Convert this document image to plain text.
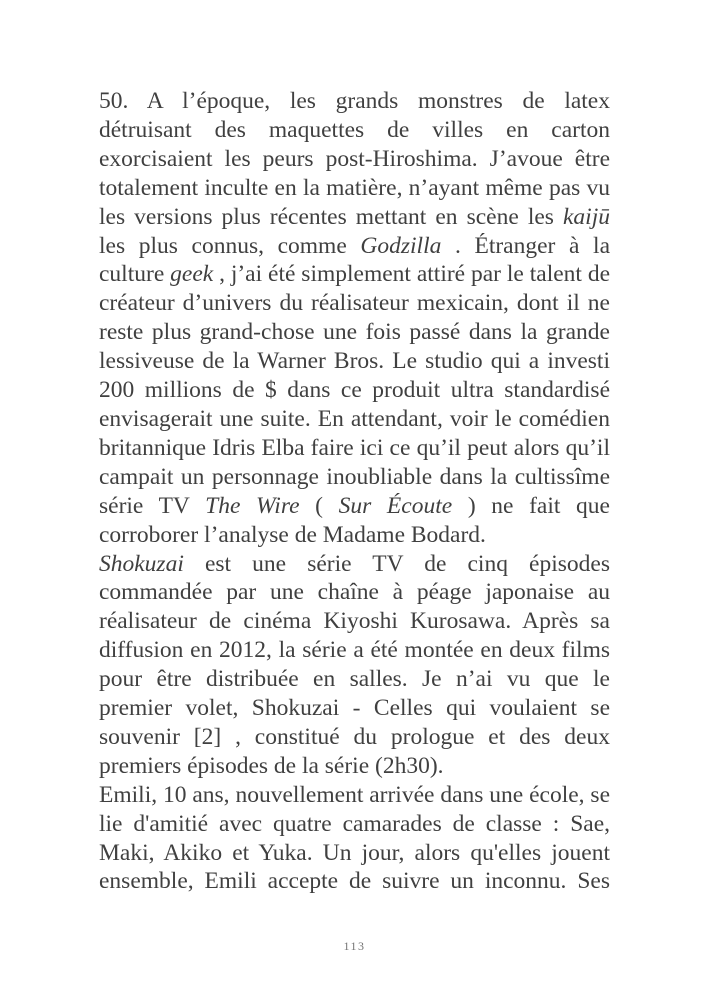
50. A l’époque, les grands monstres de latex détruisant des maquettes de villes en carton exorcisaient les peurs post-Hiroshima. J’avoue être totalement inculte en la matière, n’ayant même pas vu les versions plus récentes mettant en scène les kaijū les plus connus, comme Godzilla . Étranger à la culture geek , j’ai été simplement attiré par le talent de créateur d’univers du réalisateur mexicain, dont il ne reste plus grand-chose une fois passé dans la grande lessiveuse de la Warner Bros. Le studio qui a investi 200 millions de $ dans ce produit ultra standardisé envisagerait une suite. En attendant, voir le comédien britannique Idris Elba faire ici ce qu’il peut alors qu’il campait un personnage inoubliable dans la cultissîme série TV The Wire ( Sur Écoute ) ne fait que corroborer l’analyse de Madame Bodard.

Shokuzai est une série TV de cinq épisodes commandée par une chaîne à péage japonaise au réalisateur de cinéma Kiyoshi Kurosawa. Après sa diffusion en 2012, la série a été montée en deux films pour être distribuée en salles. Je n’ai vu que le premier volet, Shokuzai - Celles qui voulaient se souvenir [2] , constitué du prologue et des deux premiers épisodes de la série (2h30).

Emili, 10 ans, nouvellement arrivée dans une école, se lie d'amitié avec quatre camarades de classe : Sae, Maki, Akiko et Yuka. Un jour, alors qu'elles jouent ensemble, Emili accepte de suivre un inconnu. Ses

113
